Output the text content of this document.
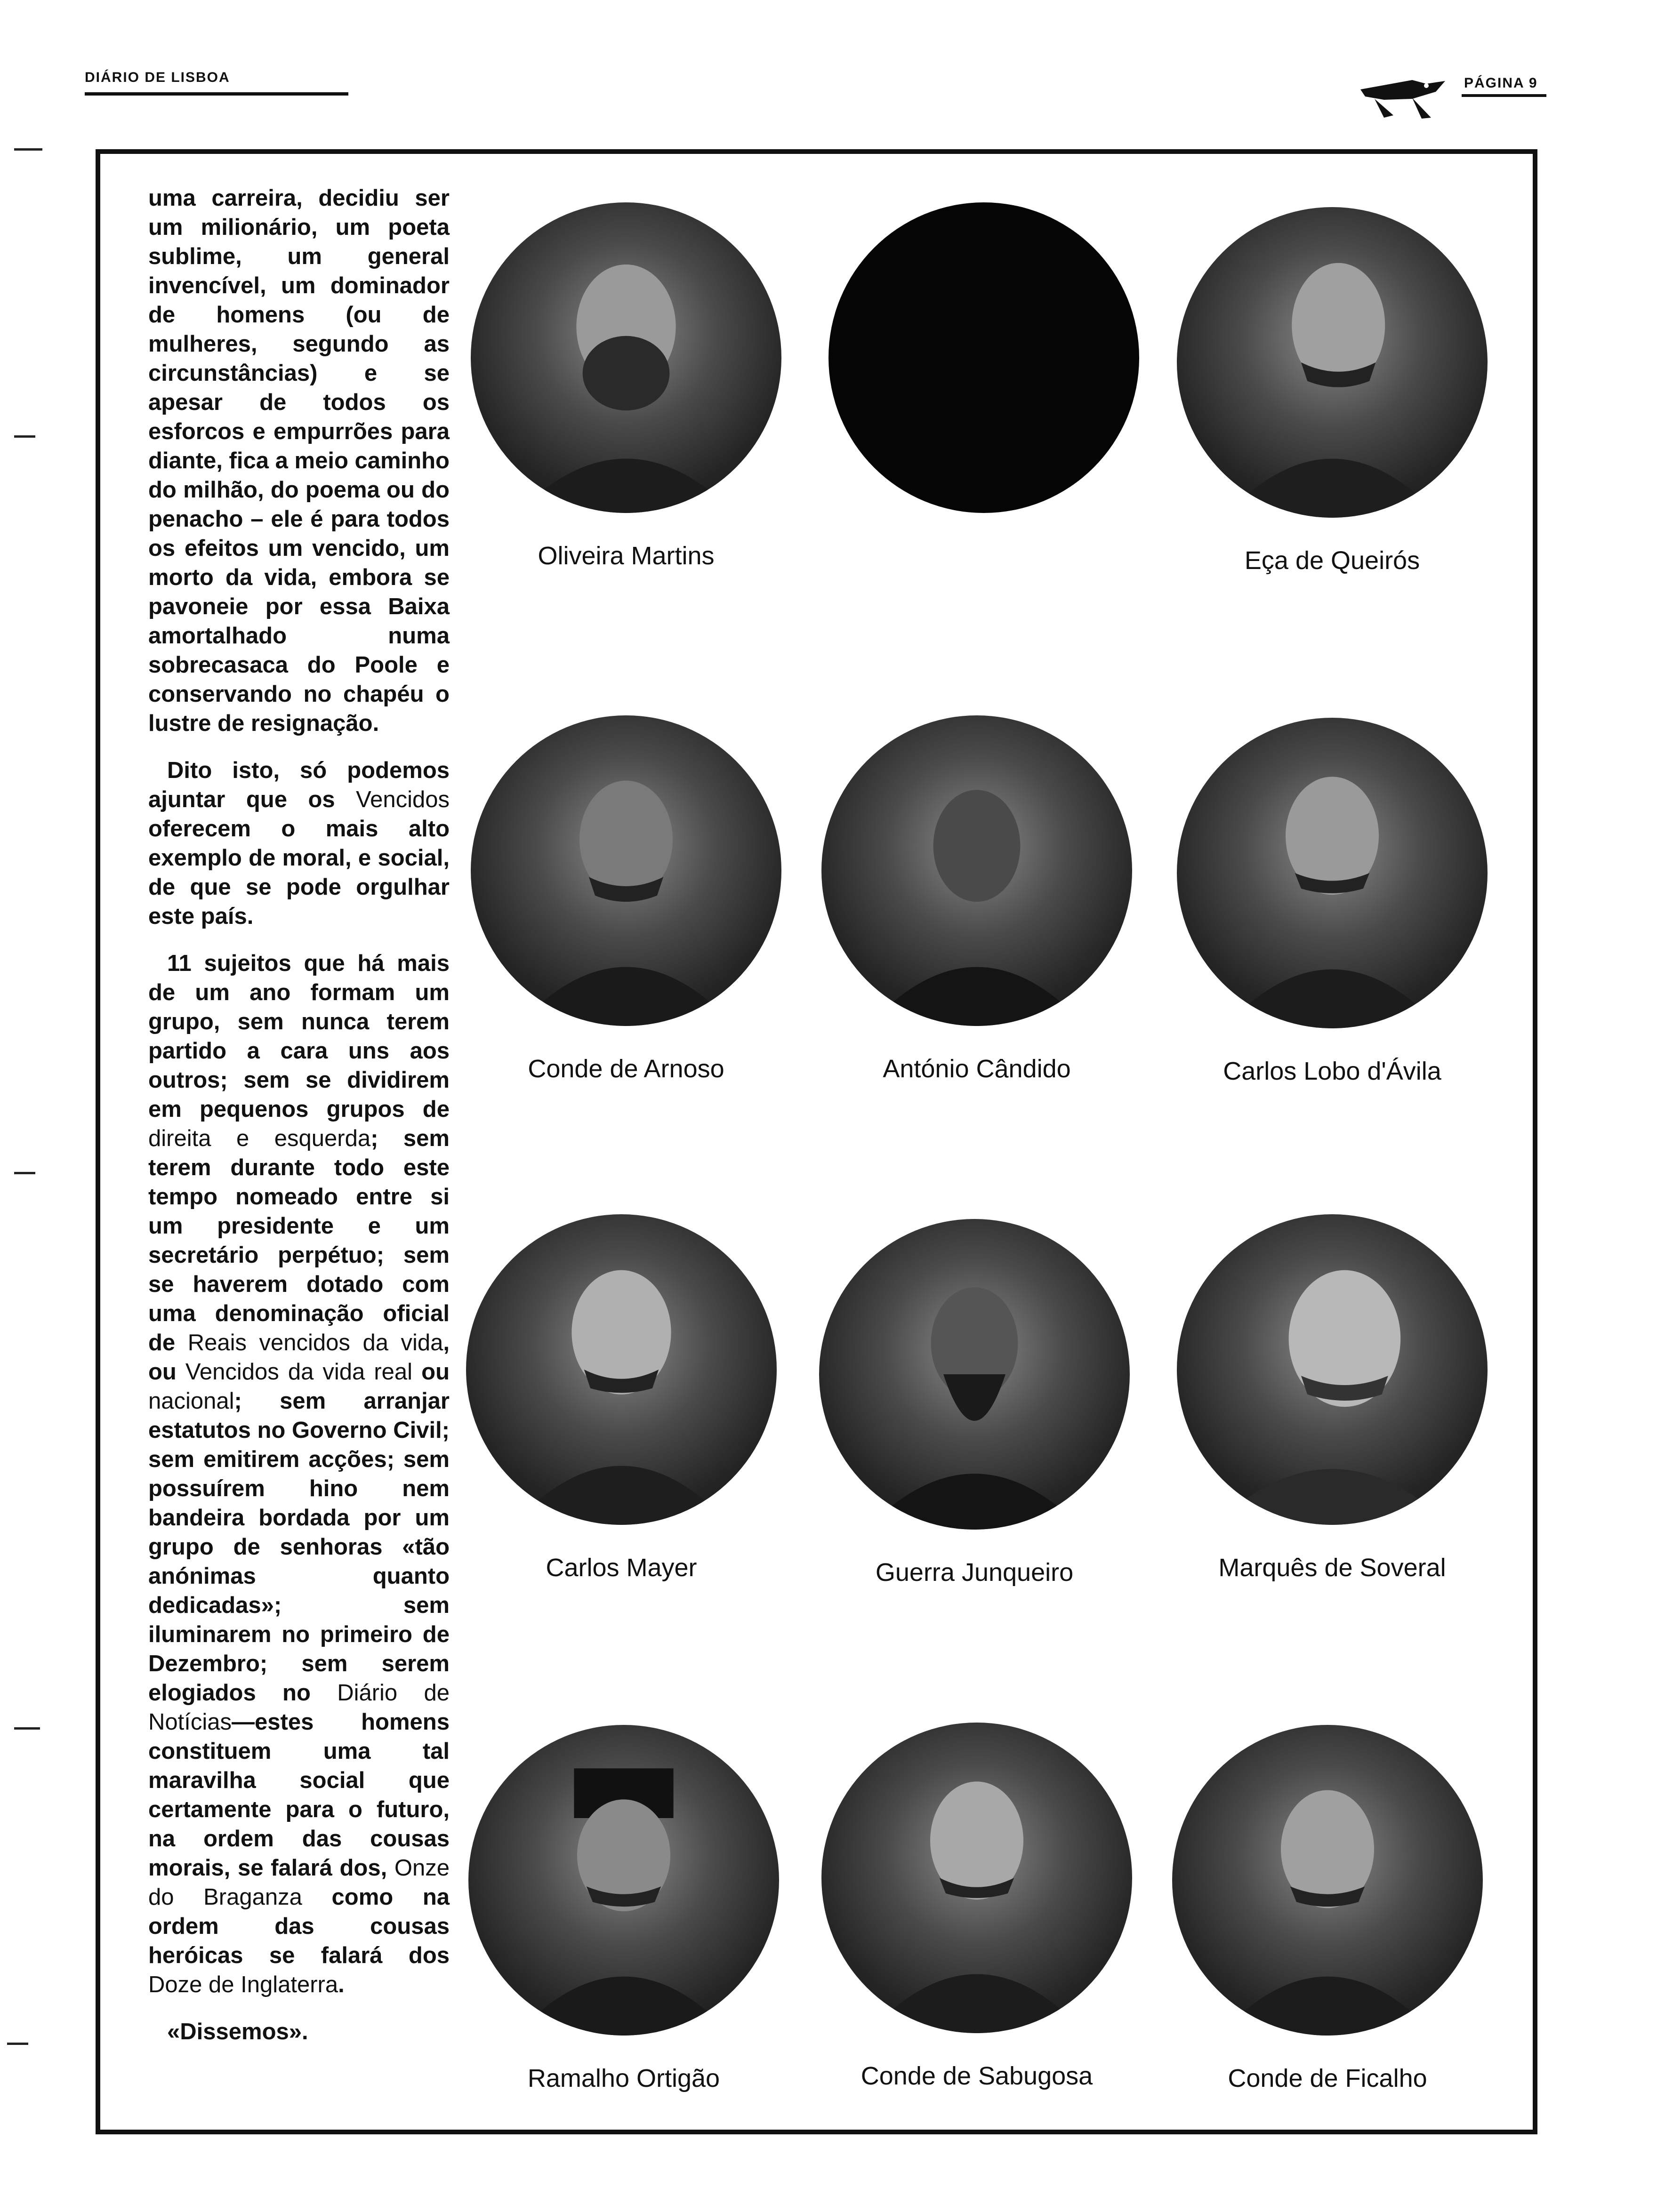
DIÁRIO DE LISBOA	PÁGINA 9

uma carreira, decidiu ser um milionário, um poeta sublime, um general invencível, um dominador de homens (ou de mulheres, segundo as circunstâncias) e se apesar de todos os esforcos e empurrões para diante, fica a meio caminho do milhão, do poema ou do penacho – ele é para todos os efeitos um vencido, um morto da vida, embora se pavoneie por essa Baixa amortalhado numa sobrecasaca do Poole e conservando no chapéu o lustre de resignação.

Dito isto, só podemos ajuntar que os Vencidos oferecem o mais alto exemplo de moral, e social, de que se pode orgulhar este país.

11 sujeitos que há mais de um ano formam um grupo, sem nunca terem partido a cara uns aos outros; sem se dividirem em pequenos grupos de direita e esquerda; sem terem durante todo este tempo nomeado entre si um presidente e um secretário perpétuo; sem se haverem dotado com uma denominação oficial de Reais vencidos da vida, ou Vencidos da vida real ou nacional; sem arranjar estatutos no Governo Civil; sem emitirem acções; sem possuírem hino nem bandeira bordada por um grupo de senhoras «tão anónimas quanto dedicadas»; sem iluminarem no primeiro de Dezembro; sem serem elogiados no Diário de Notícias—estes homens constituem uma tal maravilha social que certamente para o futuro, na ordem das cousas morais, se falará dos, Onze do Braganza como na ordem das cousas heróicas se falará dos Doze de Inglaterra.

«Dissemos».

Oliveira Martins	Eça de Queirós
Conde de Arnoso	António Cândido	Carlos Lobo d'Ávila
Carlos Mayer	Guerra Junqueiro	Marquês de Soveral
Ramalho Ortigão	Conde de Sabugosa	Conde de Ficalho
